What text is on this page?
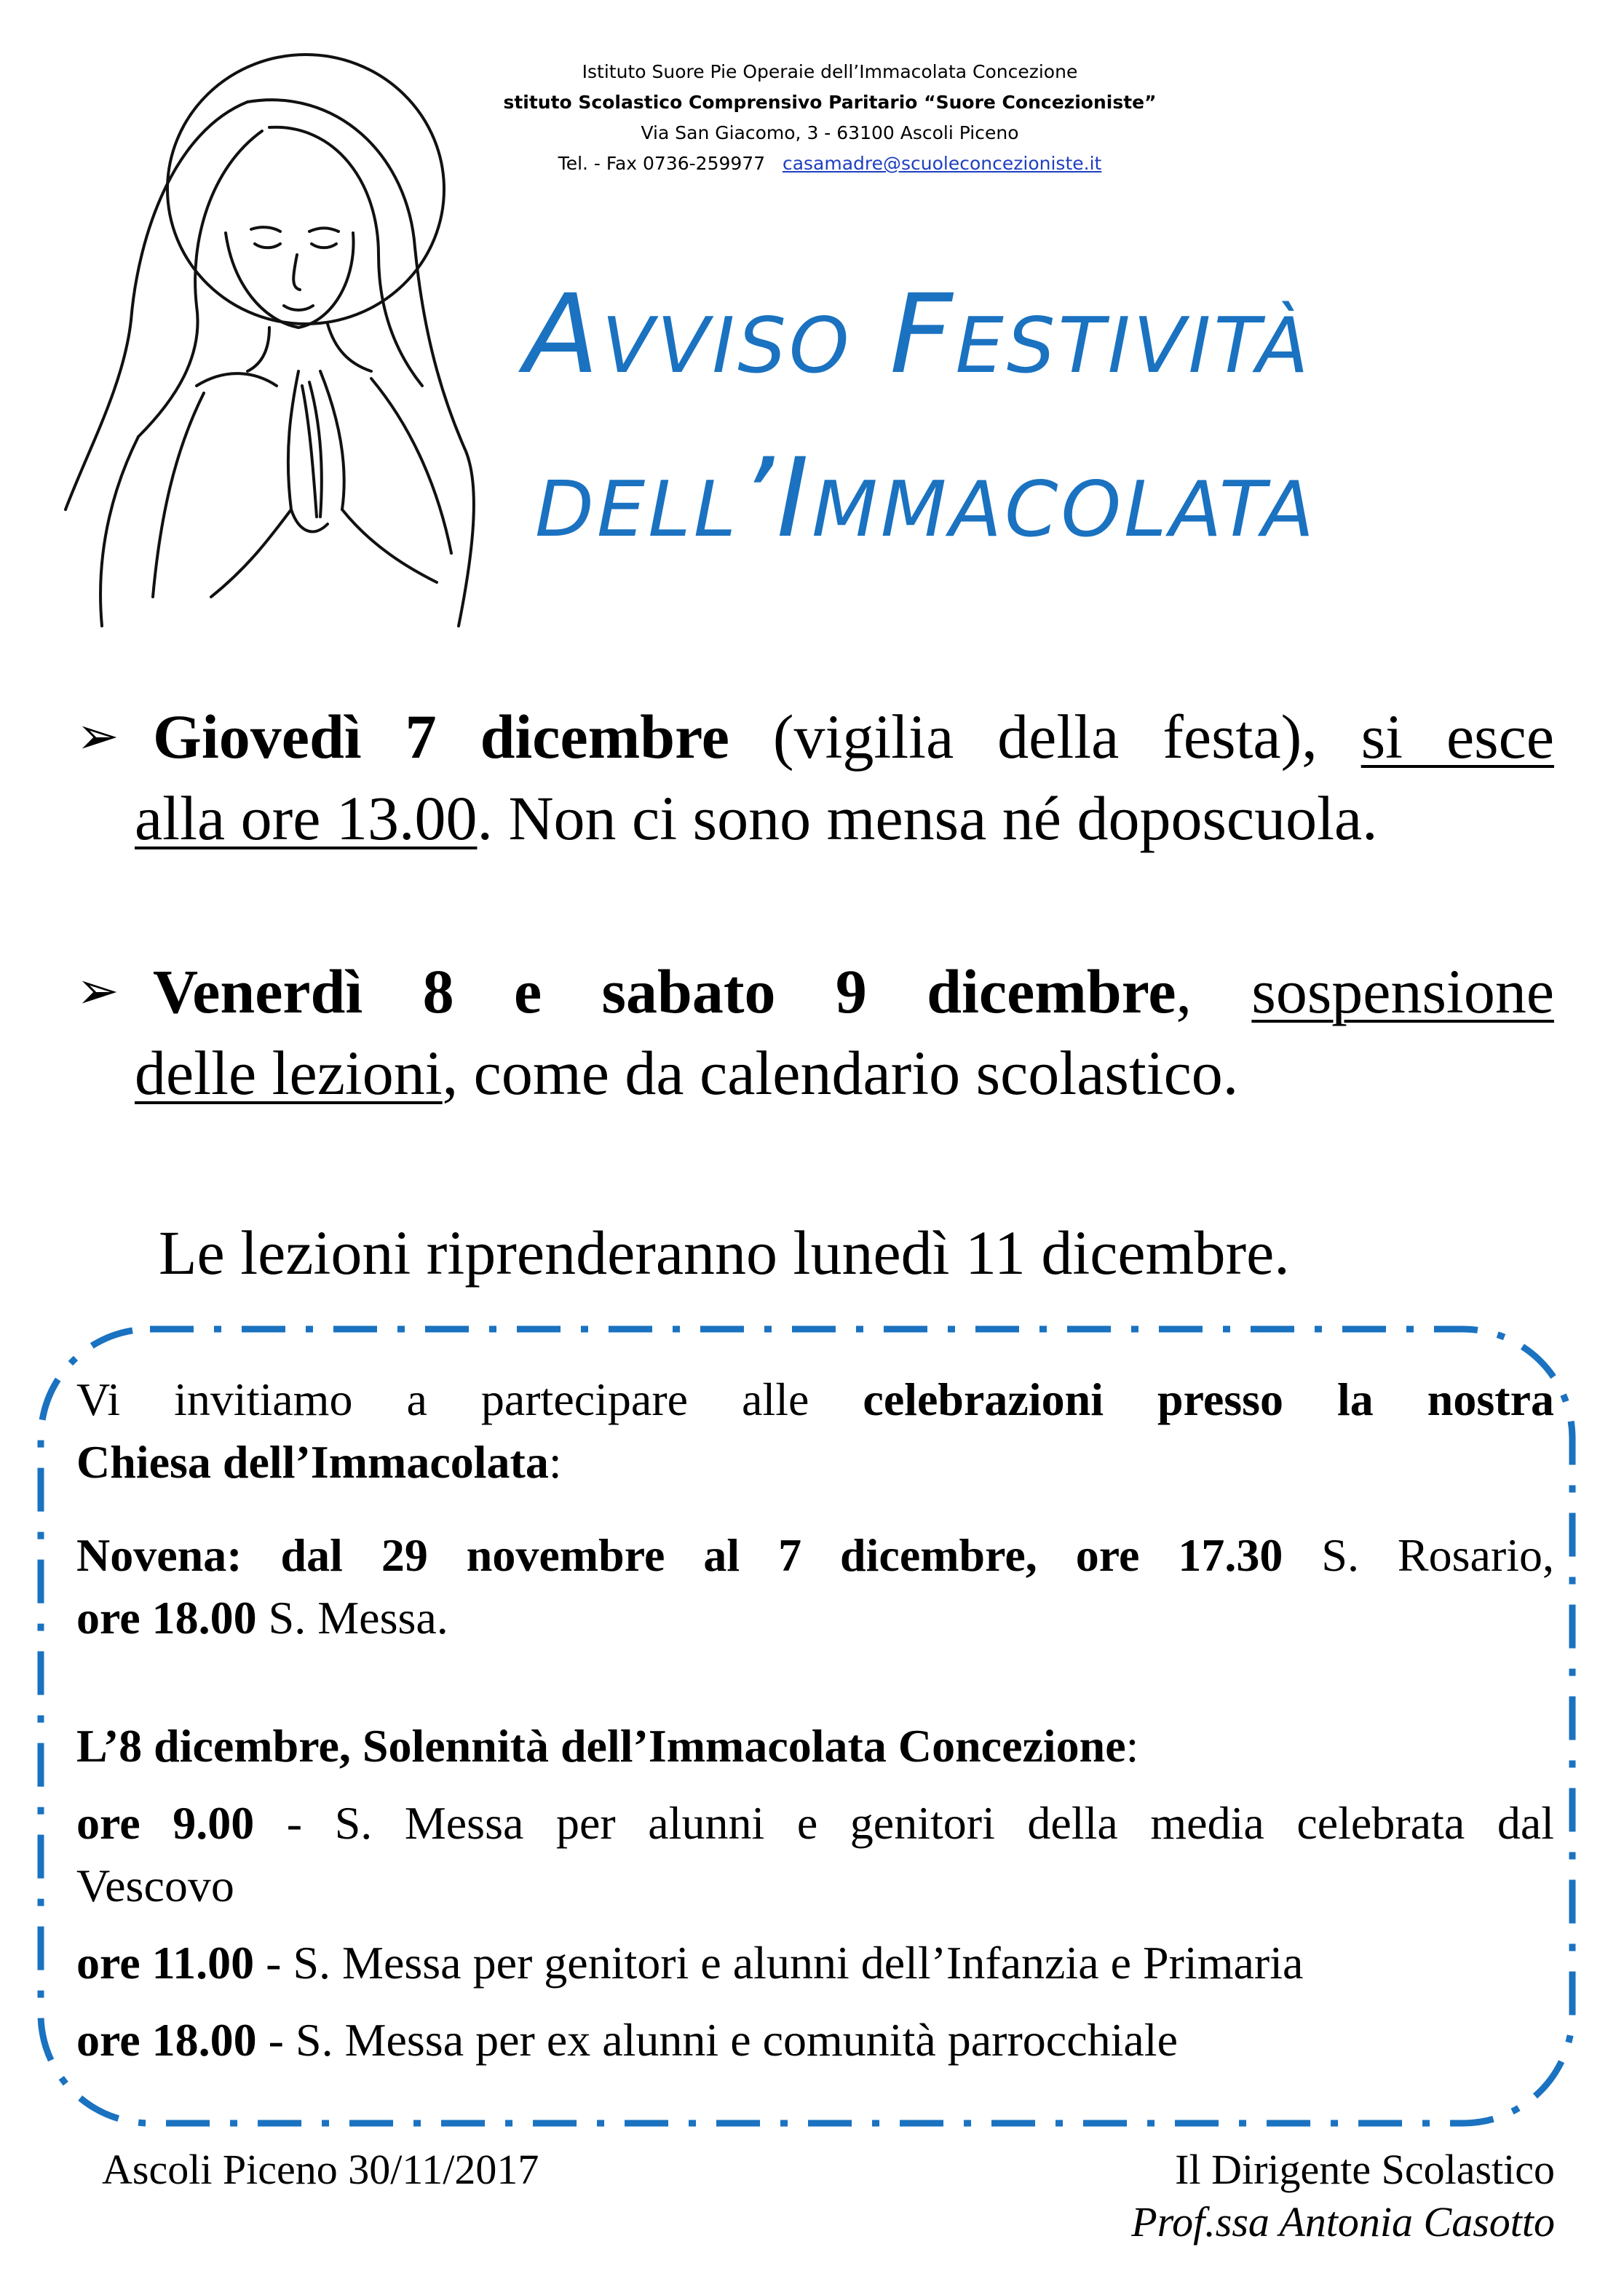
Istituto Suore Pie Operaie dell’Immacolata Concezione
stituto Scolastico Comprensivo Paritario “Suore Concezioniste”
Via San Giacomo, 3 - 63100 Ascoli Piceno
Tel. - Fax 0736-259977 casamadre@scuoleconcezioniste.it
Avviso Festività
dell’Immacolata
➢ Giovedì 7 dicembre (vigilia della festa), si esce
alla ore 13.00. Non ci sono mensa né doposcuola.
➢ Venerdì 8 e sabato 9 dicembre, sospensione
delle lezioni, come da calendario scolastico.
Le lezioni riprenderanno lunedì 11 dicembre.

Vi invitiamo a partecipare alle celebrazioni presso la nostra

Chiesa dell’Immacolata:

Novena: dal 29 novembre al 7 dicembre, ore 17.30 S. Rosario,

ore 18.00 S. Messa.

L’8 dicembre, Solennità dell’Immacolata Concezione:

ore 9.00 - S. Messa per alunni e genitori della media celebrata dal

Vescovo

ore 11.00 - S. Messa per genitori e alunni dell’Infanzia e Primaria

ore 18.00 - S. Messa per ex alunni e comunità parrocchiale

Ascoli Piceno 30/11/2017	Il Dirigente Scolastico
Prof.ssa Antonia Casotto
